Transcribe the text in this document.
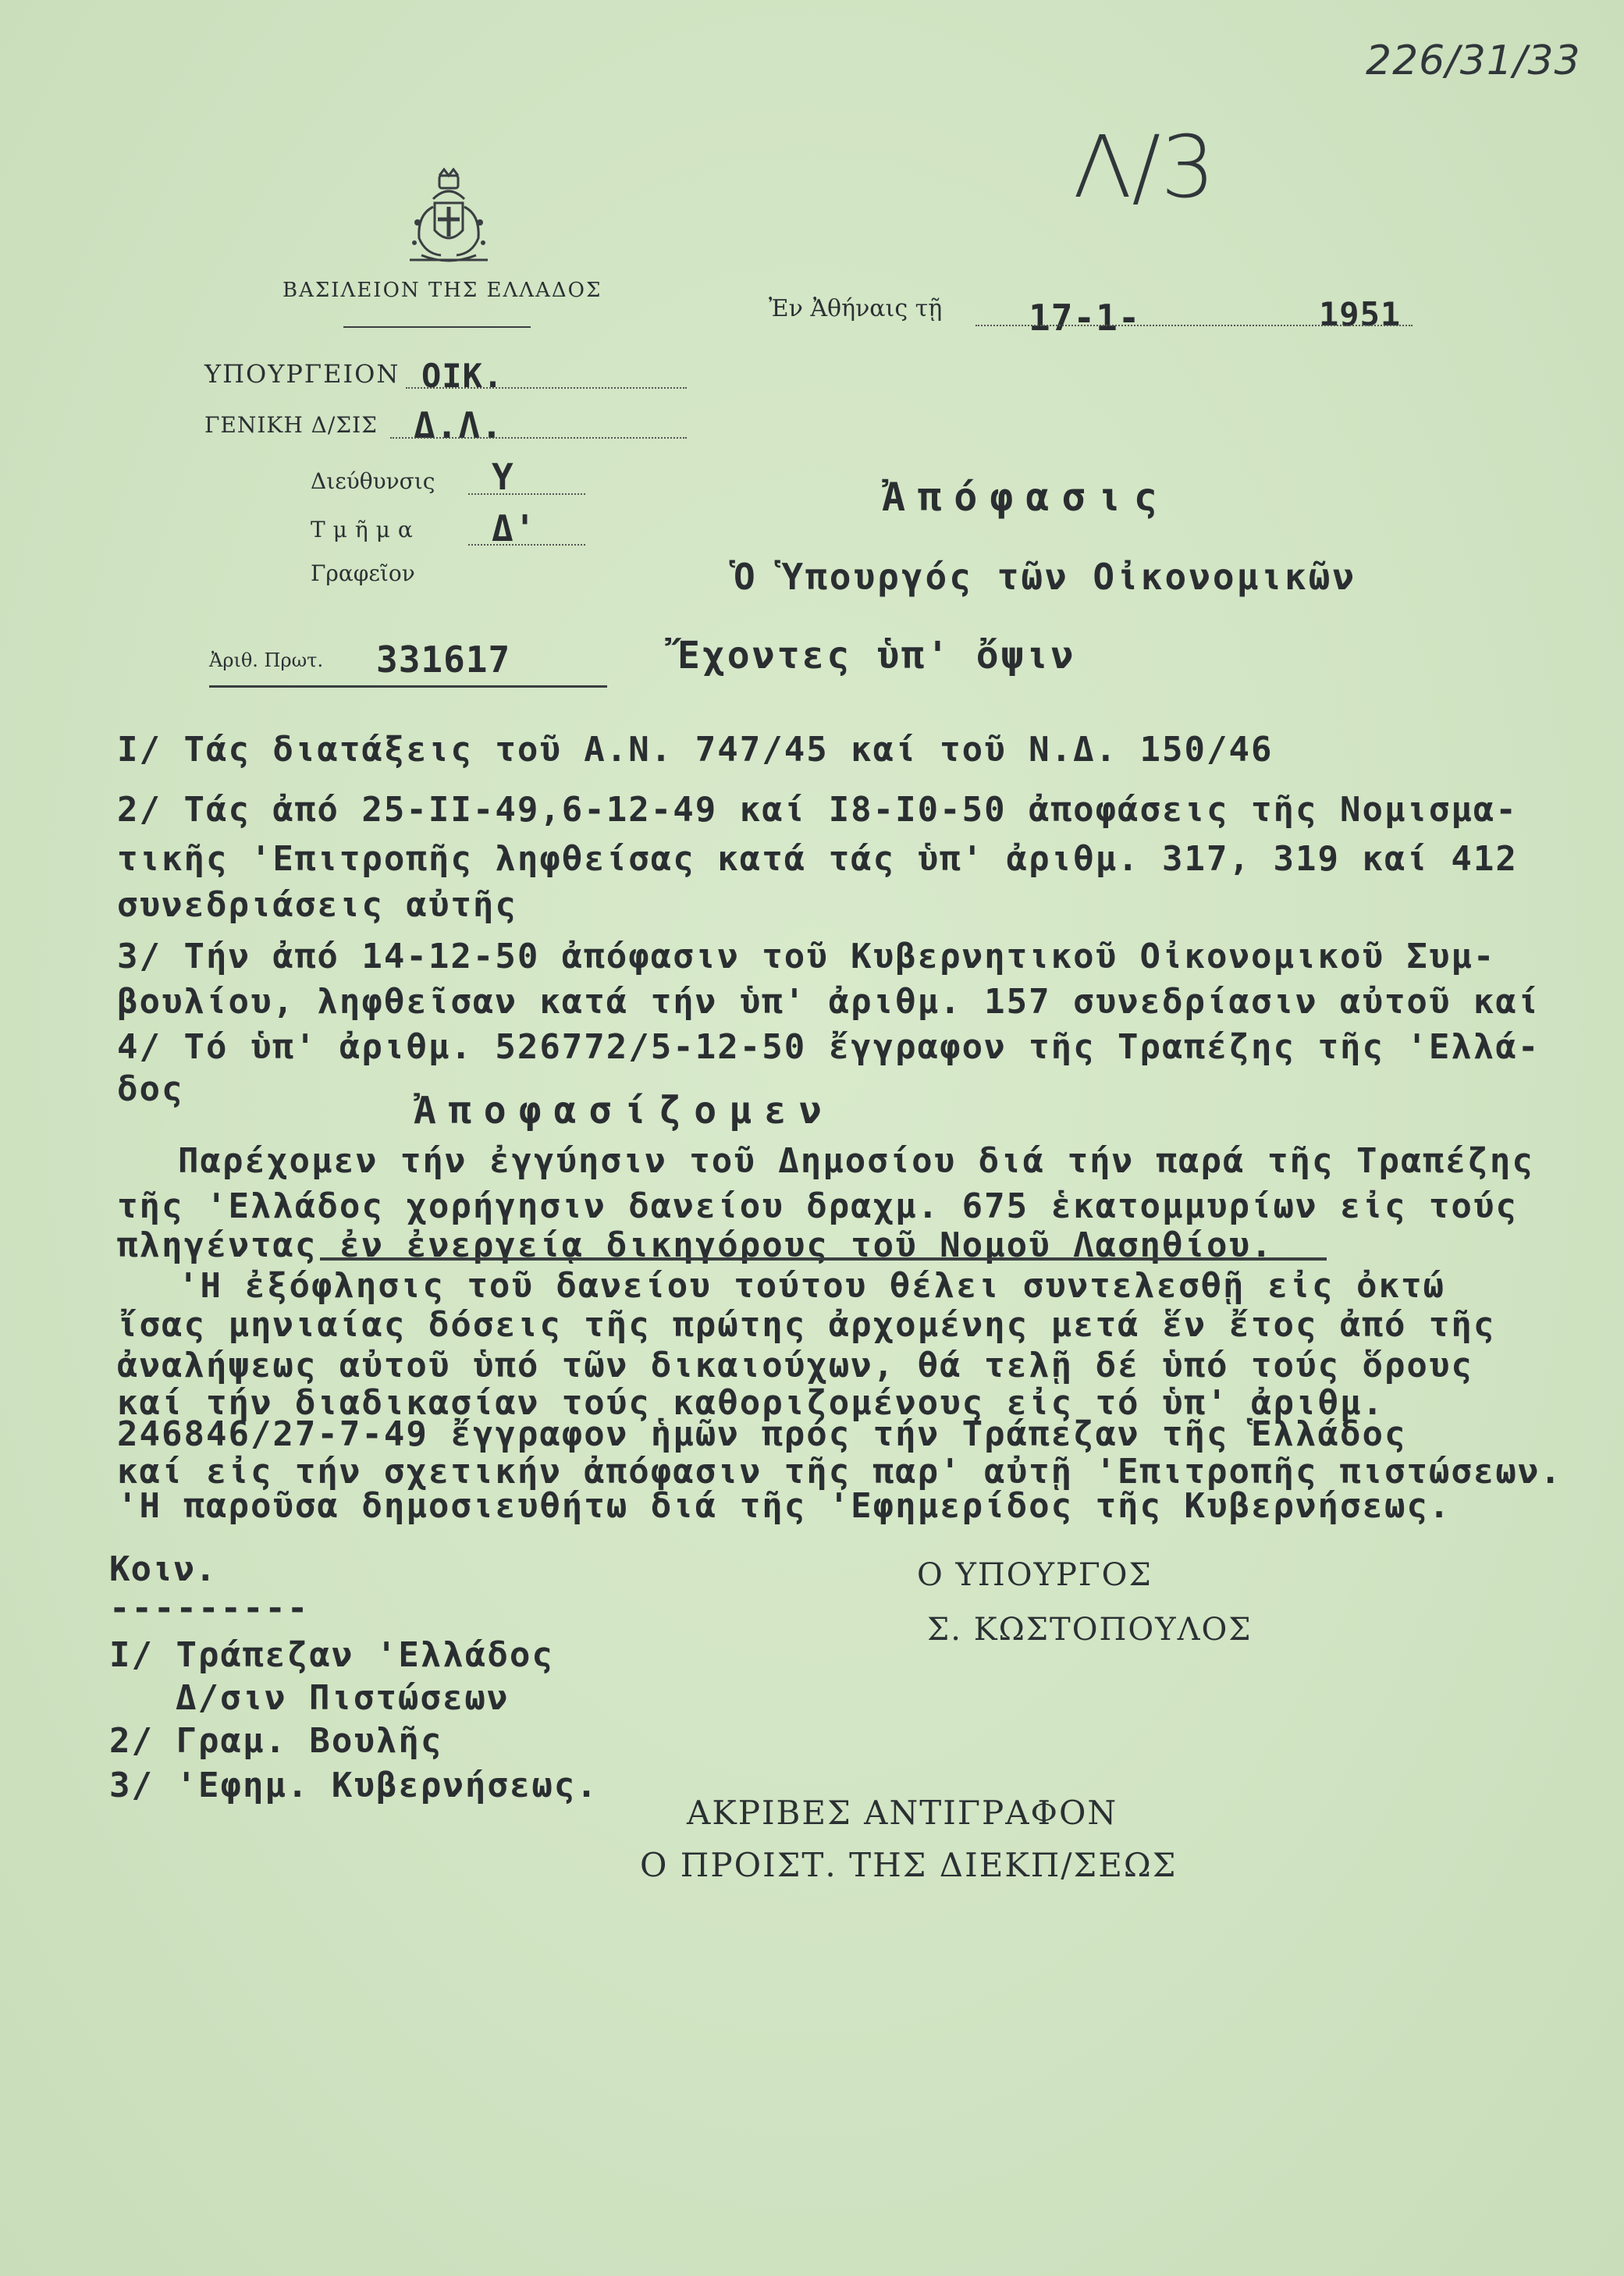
226/31/33
Λ/3
ΒΑΣΙΛΕΙΟΝ ΤΗΣ ΕΛΛΑΔΟΣ
ΥΠΟΥΡΓΕΙΟΝ ΟΙΚ.
ΓΕΝΙΚΗ Δ/ΣΙΣ Δ.Λ.
Διεύθυνσις Υ
Τμῆμα Δ'
Γραφεῖον
Ἀριθ. Πρωτ. 331617
Ἐν Ἀθήναις τῇ 17-1-	1951
Ἀπόφασις
Ὁ Ὑπουργός τῶν Οἰκονομικῶν
Ἔχοντες ὑπ' ὄψιν
I/ Τάς διατάξεις τοῦ Α.Ν. 747/45 καί τοῦ Ν.Δ. 150/46
2/ Τάς ἀπό 25-II-49,6-12-49 καί I8-I0-50 ἀποφάσεις τῆς Νομισμα-
τικῆς 'Επιτροπῆς ληφθείσας κατά τάς ὑπ' ἀριθμ. 317, 319 καί 412
συνεδριάσεις αὐτῆς
3/ Τήν ἀπό 14-12-50 ἀπόφασιν τοῦ Κυβερνητικοῦ Οἰκονομικοῦ Συμ-
βουλίου, ληφθεῖσαν κατά τήν ὑπ' ἀριθμ. 157 συνεδρίασιν αὐτοῦ καί
4/ Τό ὑπ' ἀριθμ. 526772/5-12-50 ἔγγραφον τῆς Τραπέζης τῆς 'Ελλά-
δος	Ἀποφασίζομεν
Παρέχομεν τήν ἐγγύησιν τοῦ Δημοσίου διά τήν παρά τῆς Τραπέζης
τῆς 'Ελλάδος χορήγησιν δανείου δραχμ. 675 ἑκατομμυρίων εἰς τούς
πληγέντας ἐν ἐνεργείᾳ δικηγόρους τοῦ Νομοῦ Λασηθίου.
'Η ἐξόφλησις τοῦ δανείου τούτου θέλει συντελεσθῇ εἰς ὀκτώ
ἴσας μηνιαίας δόσεις τῆς πρώτης ἀρχομένης μετά ἕν ἔτος ἀπό τῆς
ἀναλήψεως αὐτοῦ ὑπό τῶν δικαιούχων, θά τελῇ δέ ὑπό τούς ὅρους
καί τήν διαδικασίαν τούς καθοριζομένους εἰς τό ὑπ' ἀριθμ.
246846/27-7-49 ἔγγραφον ἡμῶν πρός τήν Τράπεζαν τῆς Ἑλλάδος
καί εἰς τήν σχετικήν ἀπόφασιν τῆς παρ' αὐτῇ 'Επιτροπῆς πιστώσεων.
'Η παροῦσα δημοσιευθήτω διά τῆς 'Εφημερίδος τῆς Κυβερνήσεως.
Κοιν.
---------
I/ Τράπεζαν 'Ελλάδος
Δ/σιν Πιστώσεων
2/ Γραμ. Βουλῆς
3/ 'Εφημ. Κυβερνήσεως.
Ο ΥΠΟΥΡΓΟΣ
Σ. ΚΩΣΤΟΠΟΥΛΟΣ
ΑΚΡΙΒΕΣ ΑΝΤΙΓΡΑΦΟΝ
Ο ΠΡΟΙΣΤ. ΤΗΣ ΔΙΕΚΠ/ΣΕΩΣ
